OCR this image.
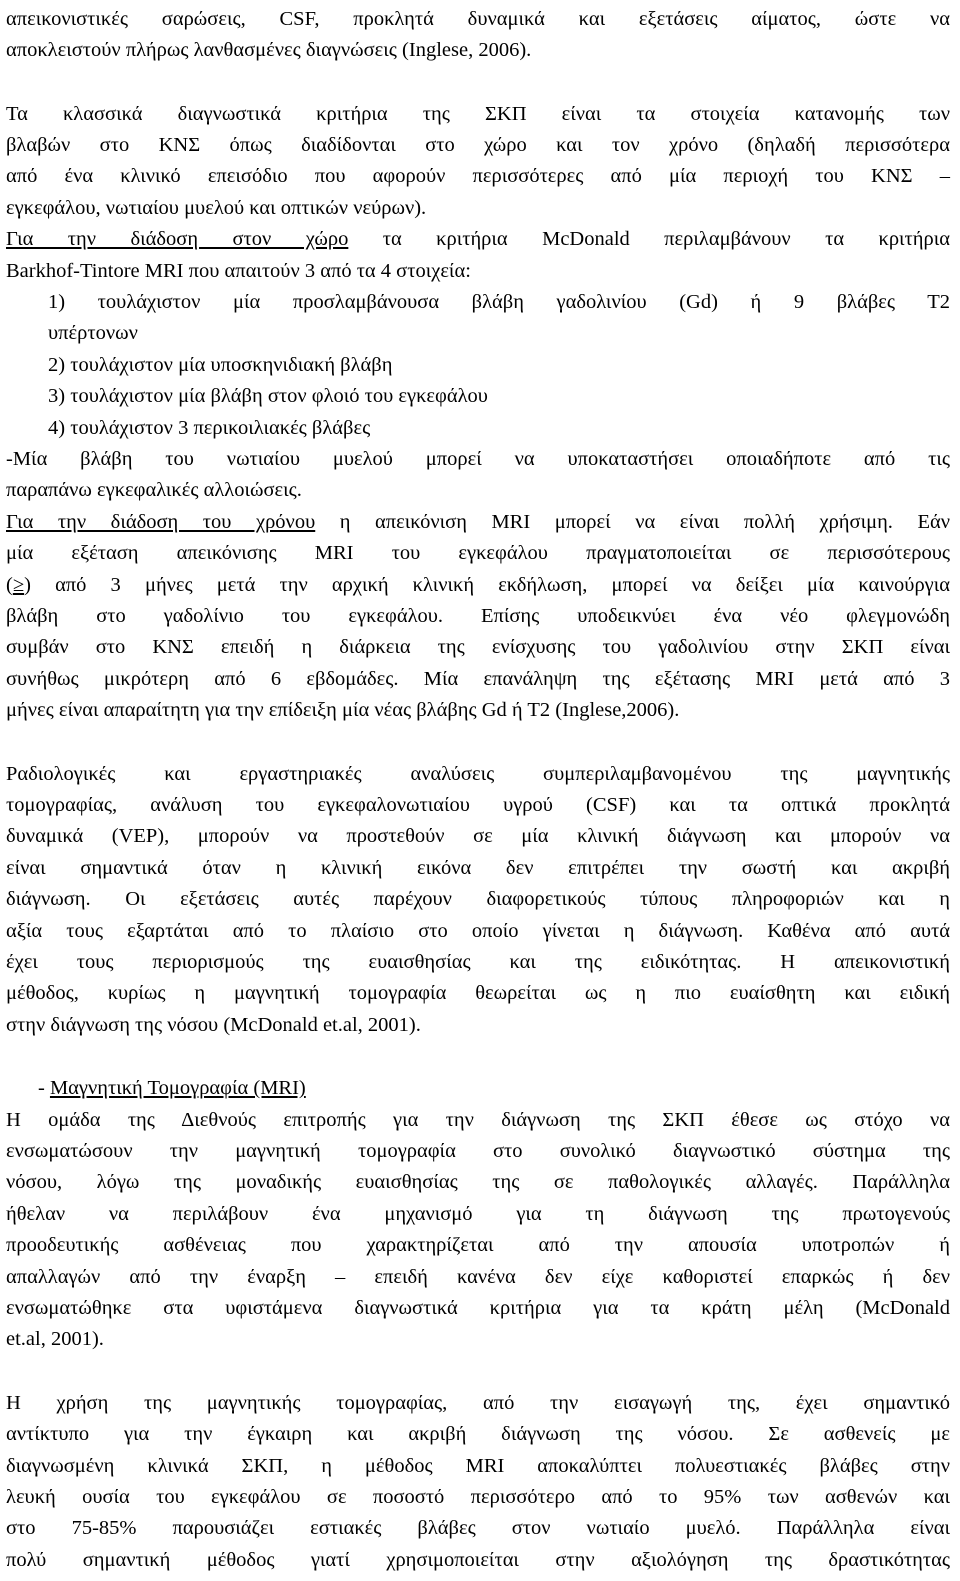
απεικονιστικές σαρώσεις, CSF, προκλητά δυναμικά και εξετάσεις αίματος, ώστε να
αποκλειστούν πλήρως λανθασμένες διαγνώσεις (Inglese, 2006).
Τα κλασσικά διαγνωστικά κριτήρια της ΣΚΠ είναι τα στοιχεία κατανομής των
βλαβών στο ΚΝΣ όπως διαδίδονται στο χώρο και τον χρόνο (δηλαδή περισσότερα
από ένα κλινικό επεισόδιο που αφορούν περισσότερες από μία περιοχή του ΚΝΣ –
εγκεφάλου, νωτιαίου μυελού και οπτικών νεύρων).
Για την διάδοση στον χώρο τα κριτήρια McDonald περιλαμβάνουν τα κριτήρια
Barkhof-Tintore MRI που απαιτούν 3 από τα 4 στοιχεία:
1) τουλάχιστον μία προσλαμβάνουσα βλάβη γαδολινίου (Gd) ή 9 βλάβες Τ2
υπέρτονων
2) τουλάχιστον μία υποσκηνιδιακή βλάβη
3) τουλάχιστον μία βλάβη στον φλοιό του εγκεφάλου
4) τουλάχιστον 3 περικοιλιακές βλάβες
-Μία βλάβη του νωτιαίου μυελού μπορεί να υποκαταστήσει οποιαδήποτε από τις
παραπάνω εγκεφαλικές αλλοιώσεις.
Για την διάδοση του χρόνου η απεικόνιση MRI μπορεί να είναι πολλή χρήσιμη. Εάν
μία εξέταση απεικόνισης MRI του εγκεφάλου πραγματοποιείται σε περισσότερους
(≥) από 3 μήνες μετά την αρχική κλινική εκδήλωση, μπορεί να δείξει μία καινούργια
βλάβη στο γαδολίνιο του εγκεφάλου. Επίσης υποδεικνύει ένα νέο φλεγμονώδη
συμβάν στο ΚΝΣ επειδή η διάρκεια της ενίσχυσης του γαδολινίου στην ΣΚΠ είναι
συνήθως μικρότερη από 6 εβδομάδες. Μία επανάληψη της εξέτασης MRI μετά από 3
μήνες είναι απαραίτητη για την επίδειξη μία νέας βλάβης Gd ή Τ2 (Inglese,2006).
Ραδιολογικές και εργαστηριακές αναλύσεις συμπεριλαμβανομένου της μαγνητικής
τομογραφίας, ανάλυση του εγκεφαλονωτιαίου υγρού (CSF) και τα οπτικά προκλητά
δυναμικά (VEP), μπορούν να προστεθούν σε μία κλινική διάγνωση και μπορούν να
είναι σημαντικά όταν η κλινική εικόνα δεν επιτρέπει την σωστή και ακριβή
διάγνωση. Οι εξετάσεις αυτές παρέχουν διαφορετικούς τύπους πληροφοριών και η
αξία τους εξαρτάται από το πλαίσιο στο οποίο γίνεται η διάγνωση. Καθένα από αυτά
έχει τους περιορισμούς της ευαισθησίας και της ειδικότητας. Η απεικονιστική
μέθοδος, κυρίως η μαγνητική τομογραφία θεωρείται ως η πιο ευαίσθητη και ειδική
στην διάγνωση της νόσου (McDonald et.al, 2001).
- Μαγνητική Τομογραφία (MRI)
Η ομάδα της Διεθνούς επιτροπής για την διάγνωση της ΣΚΠ έθεσε ως στόχο να
ενσωματώσουν την μαγνητική τομογραφία στο συνολικό διαγνωστικό σύστημα της
νόσου, λόγω της μοναδικής ευαισθησίας της σε παθολογικές αλλαγές. Παράλληλα
ήθελαν να περιλάβουν ένα μηχανισμό για τη διάγνωση της πρωτογενούς
προοδευτικής ασθένειας που χαρακτηρίζεται από την απουσία υποτροπών ή
απαλλαγών από την έναρξη – επειδή κανένα δεν είχε καθοριστεί επαρκώς ή δεν
ενσωματώθηκε στα υφιστάμενα διαγνωστικά κριτήρια για τα κράτη μέλη (McDonald
et.al, 2001).
Η χρήση της μαγνητικής τομογραφίας, από την εισαγωγή της, έχει σημαντικό
αντίκτυπο για την έγκαιρη και ακριβή διάγνωση της νόσου. Σε ασθενείς με
διαγνωσμένη κλινικά ΣΚΠ, η μέθοδος MRI αποκαλύπτει πολυεστιακές βλάβες στην
λευκή ουσία του εγκεφάλου σε ποσοστό περισσότερο από το 95% των ασθενών και
στο 75-85% παρουσιάζει εστιακές βλάβες στον νωτιαίο μυελό. Παράλληλα είναι
πολύ σημαντική μέθοδος γιατί χρησιμοποιείται στην αξιολόγηση της δραστικότητας
